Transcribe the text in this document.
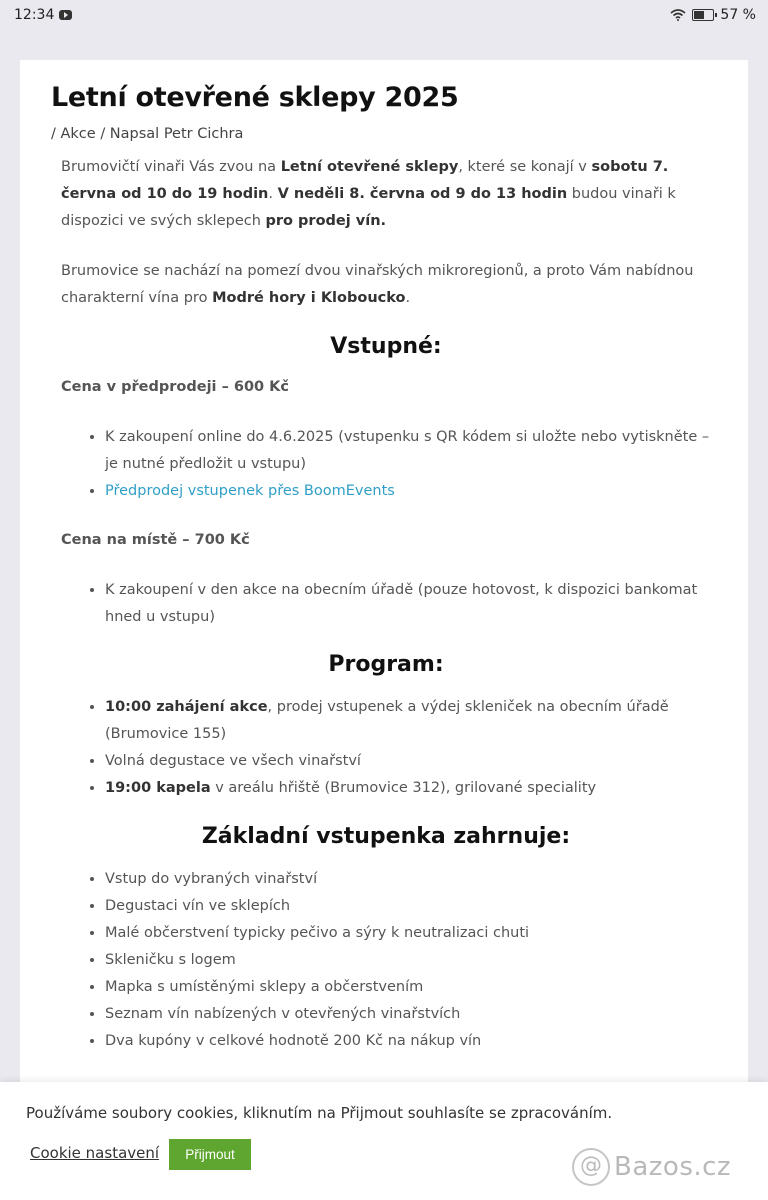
12:34	57 %
Letní otevřené sklepy 2025
/ Akce / Napsal Petr Cichra

Brumovičtí vinaři Vás zvou na Letní otevřené sklepy, které se konají v sobotu 7. června od 10 do 19 hodin. V neděli 8. června od 9 do 13 hodin budou vinaři k dispozici ve svých sklepech pro prodej vín.

Brumovice se nachází na pomezí dvou vinařských mikroregionů, a proto Vám nabídnou charakterní vína pro Modré hory i Kloboucko.

Vstupné:

Cena v předprodeji – 600 Kč

• K zakoupení online do 4.6.2025 (vstupenku s QR kódem si uložte nebo vytiskněte – je nutné předložit u vstupu)
• Předprodej vstupenek přes BoomEvents

Cena na místě – 700 Kč

• K zakoupení v den akce na obecním úřadě (pouze hotovost, k dispozici bankomat hned u vstupu)
Program:
• 10:00 zahájení akce, prodej vstupenek a výdej skleniček na obecním úřadě (Brumovice 155)
• Volná degustace ve všech vinařství
• 19:00 kapela v areálu hřiště (Brumovice 312), grilované speciality
Základní vstupenka zahrnuje:
• Vstup do vybraných vinařství
• Degustaci vín ve sklepích
• Malé občerstvení typicky pečivo a sýry k neutralizaci chuti
• Skleničku s logem
• Mapka s umístěnými sklepy a občerstvením
• Seznam vín nabízených v otevřených vinařstvích
• Dva kupóny v celkové hodnotě 200 Kč na nákup vín
Používáme soubory cookies, kliknutím na Přijmout souhlasíte se zpracováním.
Cookie nastavení	Přijmout	@ Bazos.cz
